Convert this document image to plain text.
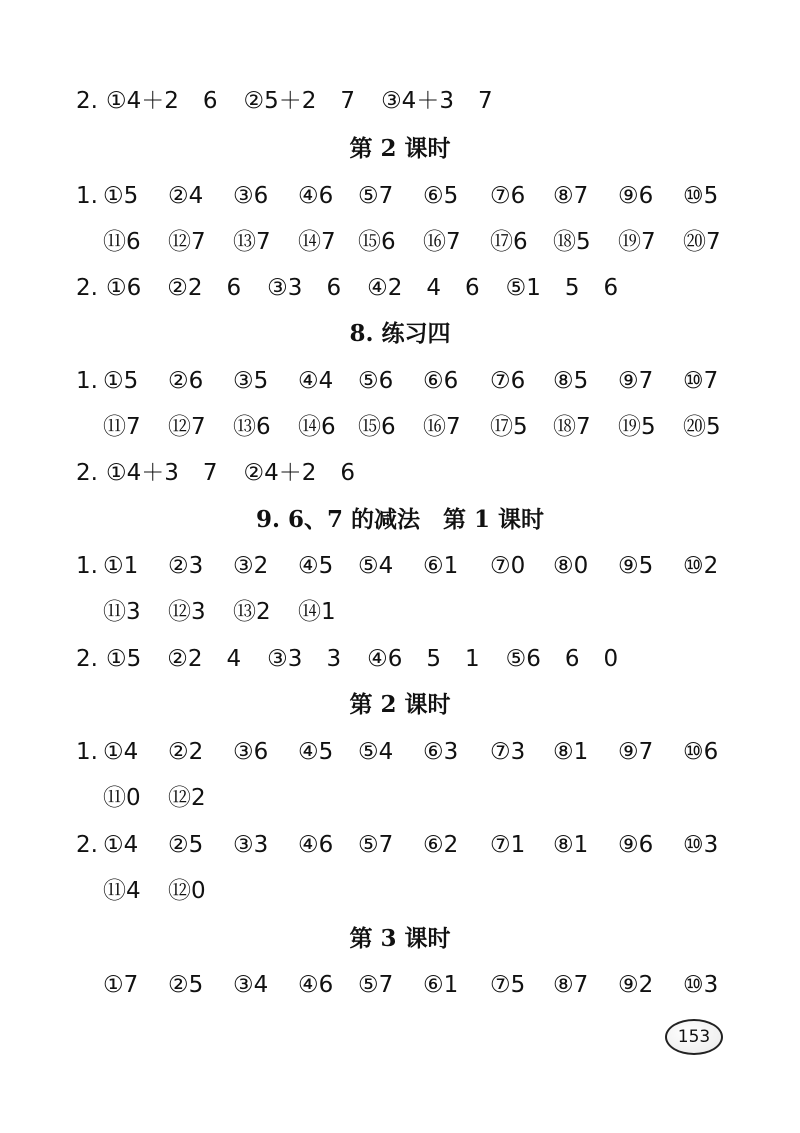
2. ①4＋2 6 ②5＋2 7 ③4＋3 7
第 2 课时
1. ①5 ②4 ③6 ④6 ⑤7 ⑥5 ⑦6 ⑧7 ⑨6 ⑩5
⑪6 ⑫7 ⑬7 ⑭7 ⑮6 ⑯7 ⑰6 ⑱5 ⑲7 ⑳7
2. ①6 ②2 6 ③3 6 ④2 4 6 ⑤1 5 6
8. 练习四
1. ①5 ②6 ③5 ④4 ⑤6 ⑥6 ⑦6 ⑧5 ⑨7 ⑩7
⑪7 ⑫7 ⑬6 ⑭6 ⑮6 ⑯7 ⑰5 ⑱7 ⑲5 ⑳5
2. ①4＋3 7 ②4＋2 6
9. 6、7 的减法　第 1 课时
1. ①1 ②3 ③2 ④5 ⑤4 ⑥1 ⑦0 ⑧0 ⑨5 ⑩2
⑪3 ⑫3 ⑬2 ⑭1
2. ①5 ②2 4 ③3 3 ④6 5 1 ⑤6 6 0
第 2 课时
1. ①4 ②2 ③6 ④5 ⑤4 ⑥3 ⑦3 ⑧1 ⑨7 ⑩6
⑪0 ⑫2
2. ①4 ②5 ③3 ④6 ⑤7 ⑥2 ⑦1 ⑧1 ⑨6 ⑩3
⑪4 ⑫0
第 3 课时
①7 ②5 ③4 ④6 ⑤7 ⑥1 ⑦5 ⑧7 ⑨2 ⑩3
153
